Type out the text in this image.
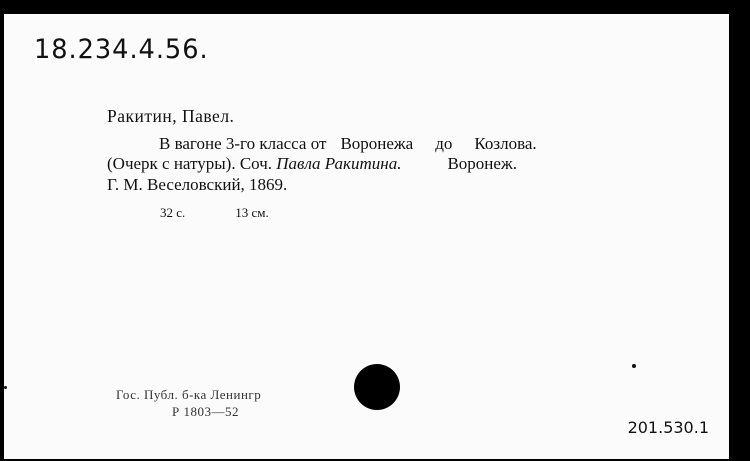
18.234.4.56.
Ракитин, Павел.
В вагоне 3-го класса от Воронежа до Козлова.
(Очерк с натуры). Соч. Павла Ракитина.	Воронеж.
Г. М. Веселовский, 1869.
32 с.	13 см.
Гос. Публ. б-ка Ленингр
Р 1803—52
201.530.1
